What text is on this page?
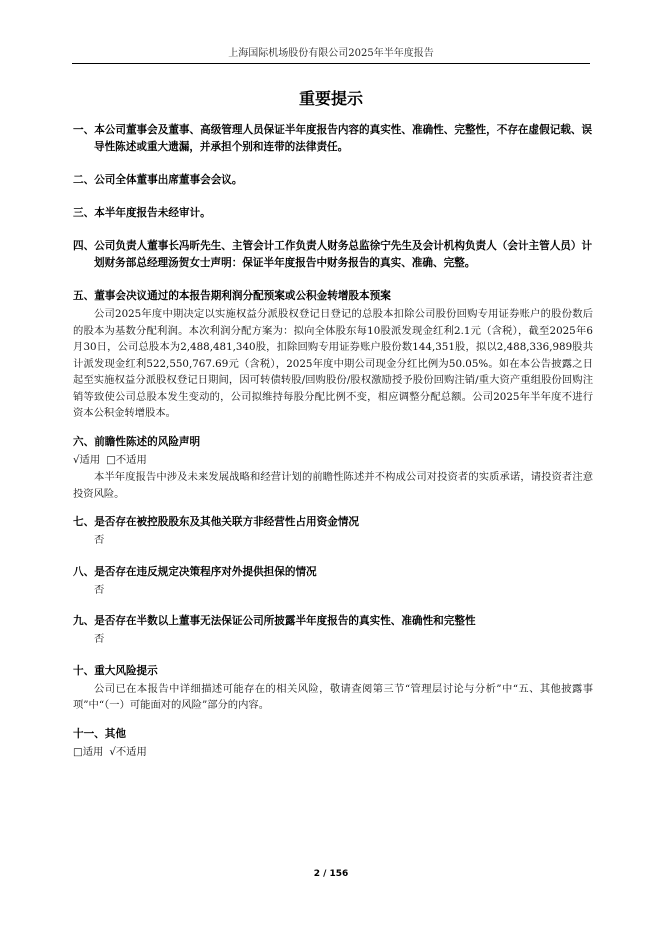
上海国际机场股份有限公司2025年半年度报告
重要提示
一、本公司董事会及董事、高级管理人员保证半年度报告内容的真实性、准确性、完整性，不存在虚假记载、误导性陈述或重大遗漏，并承担个别和连带的法律责任。
二、公司全体董事出席董事会会议。
三、本半年度报告未经审计。
四、公司负责人董事长冯昕先生、主管会计工作负责人财务总监徐宁先生及会计机构负责人（会计主管人员）计划财务部总经理汤贺女士声明：保证半年度报告中财务报告的真实、准确、完整。
五、董事会决议通过的本报告期利润分配预案或公积金转增股本预案

公司2025年度中期决定以实施权益分派股权登记日登记的总股本扣除公司股份回购专用证券账户的股份数后的股本为基数分配利润。本次利润分配方案为：拟向全体股东每10股派发现金红利2.1元（含税），截至2025年6月30日，公司总股本为2,488,481,340股，扣除回购专用证券账户股份数144,351股，拟以2,488,336,989股共计派发现金红利522,550,767.69元（含税），2025年度中期公司现金分红比例为50.05%。如在本公告披露之日起至实施权益分派股权登记日期间，因可转债转股/回购股份/股权激励授予股份回购注销/重大资产重组股份回购注销等致使公司总股本发生变动的，公司拟维持每股分配比例不变，相应调整分配总额。公司2025年半年度不进行资本公积金转增股本。

六、前瞻性陈述的风险声明
√适用 □不适用

本半年度报告中涉及未来发展战略和经营计划的前瞻性陈述并不构成公司对投资者的实质承诺，请投资者注意投资风险。

七、是否存在被控股股东及其他关联方非经营性占用资金情况
否
八、是否存在违反规定决策程序对外提供担保的情况
否
九、是否存在半数以上董事无法保证公司所披露半年度报告的真实性、准确性和完整性
否
十、重大风险提示

公司已在本报告中详细描述可能存在的相关风险，敬请查阅第三节“管理层讨论与分析”中“五、其他披露事项”中“（一）可能面对的风险”部分的内容。

十一、其他
□适用 √不适用
2 / 156
